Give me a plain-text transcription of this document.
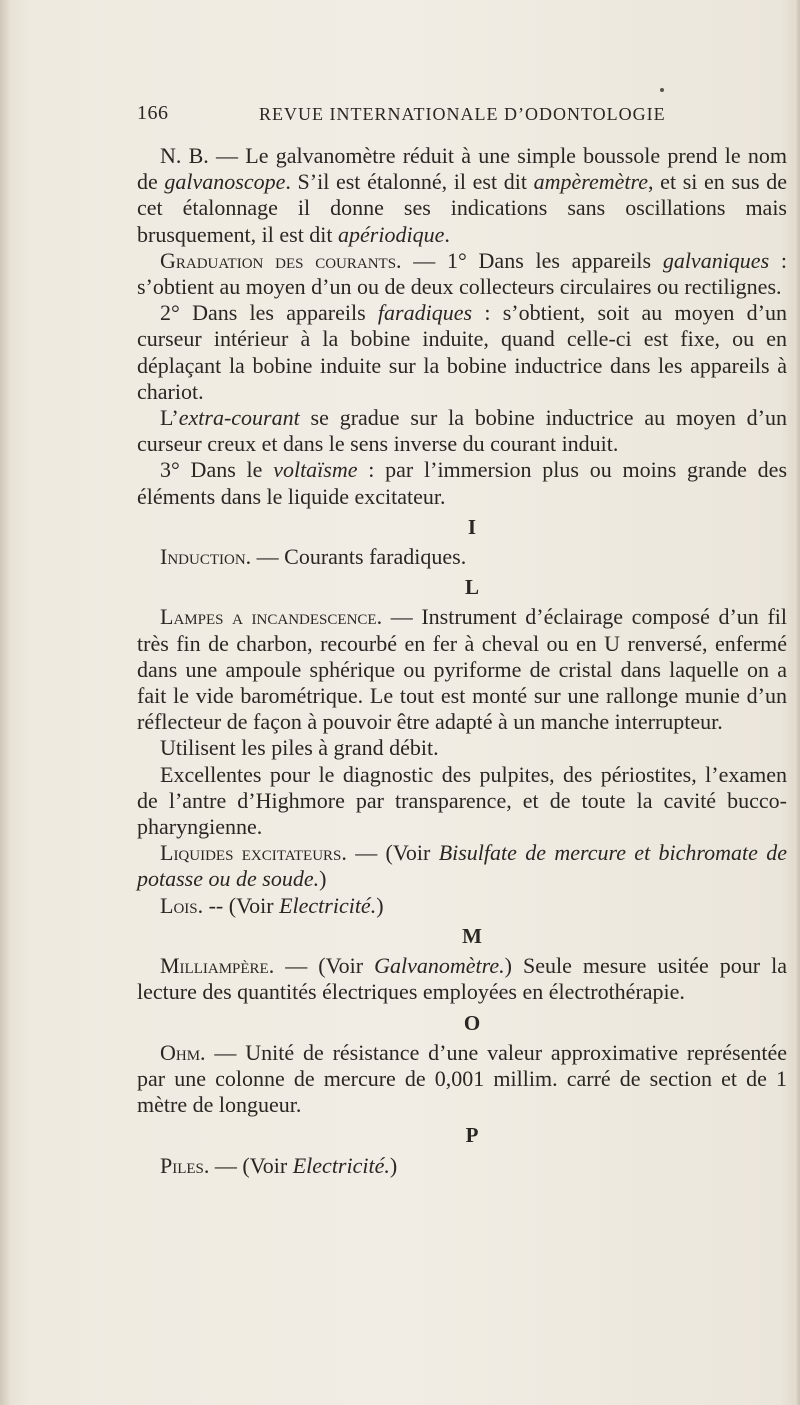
166	REVUE INTERNATIONALE D’ODONTOLOGIE

N. B. — Le galvanomètre réduit à une simple boussole prend le nom de galvanoscope. S’il est étalonné, il est dit ampèremètre, et si en sus de cet étalonnage il donne ses indications sans oscillations mais brusquement, il est dit apériodique.

Graduation des courants. — 1° Dans les appareils galvaniques : s’obtient au moyen d’un ou de deux collecteurs circulaires ou rectilignes.

2° Dans les appareils faradiques : s’obtient, soit au moyen d’un curseur intérieur à la bobine induite, quand celle-ci est fixe, ou en déplaçant la bobine induite sur la bobine inductrice dans les appareils à chariot.

L’extra-courant se gradue sur la bobine inductrice au moyen d’un curseur creux et dans le sens inverse du courant induit.

3° Dans le voltaïsme : par l’immersion plus ou moins grande des éléments dans le liquide excitateur.

I

Induction. — Courants faradiques.

L

Lampes a incandescence. — Instrument d’éclairage composé d’un fil très fin de charbon, recourbé en fer à cheval ou en U renversé, enfermé dans une ampoule sphérique ou pyriforme de cristal dans laquelle on a fait le vide barométrique. Le tout est monté sur une rallonge munie d’un réflecteur de façon à pouvoir être adapté à un manche interrupteur.

Utilisent les piles à grand débit.

Excellentes pour le diagnostic des pulpites, des périostites, l’examen de l’antre d’Highmore par transparence, et de toute la cavité bucco-pharyngienne.

Liquides excitateurs. — (Voir Bisulfate de mercure et bichromate de potasse ou de soude.)

Lois. -- (Voir Electricité.)

M

Milliampère. — (Voir Galvanomètre.) Seule mesure usitée pour la lecture des quantités électriques employées en électrothérapie.

O

Ohm. — Unité de résistance d’une valeur approximative représentée par une colonne de mercure de 0,001 millim. carré de section et de 1 mètre de longueur.

P

Piles. — (Voir Electricité.)
